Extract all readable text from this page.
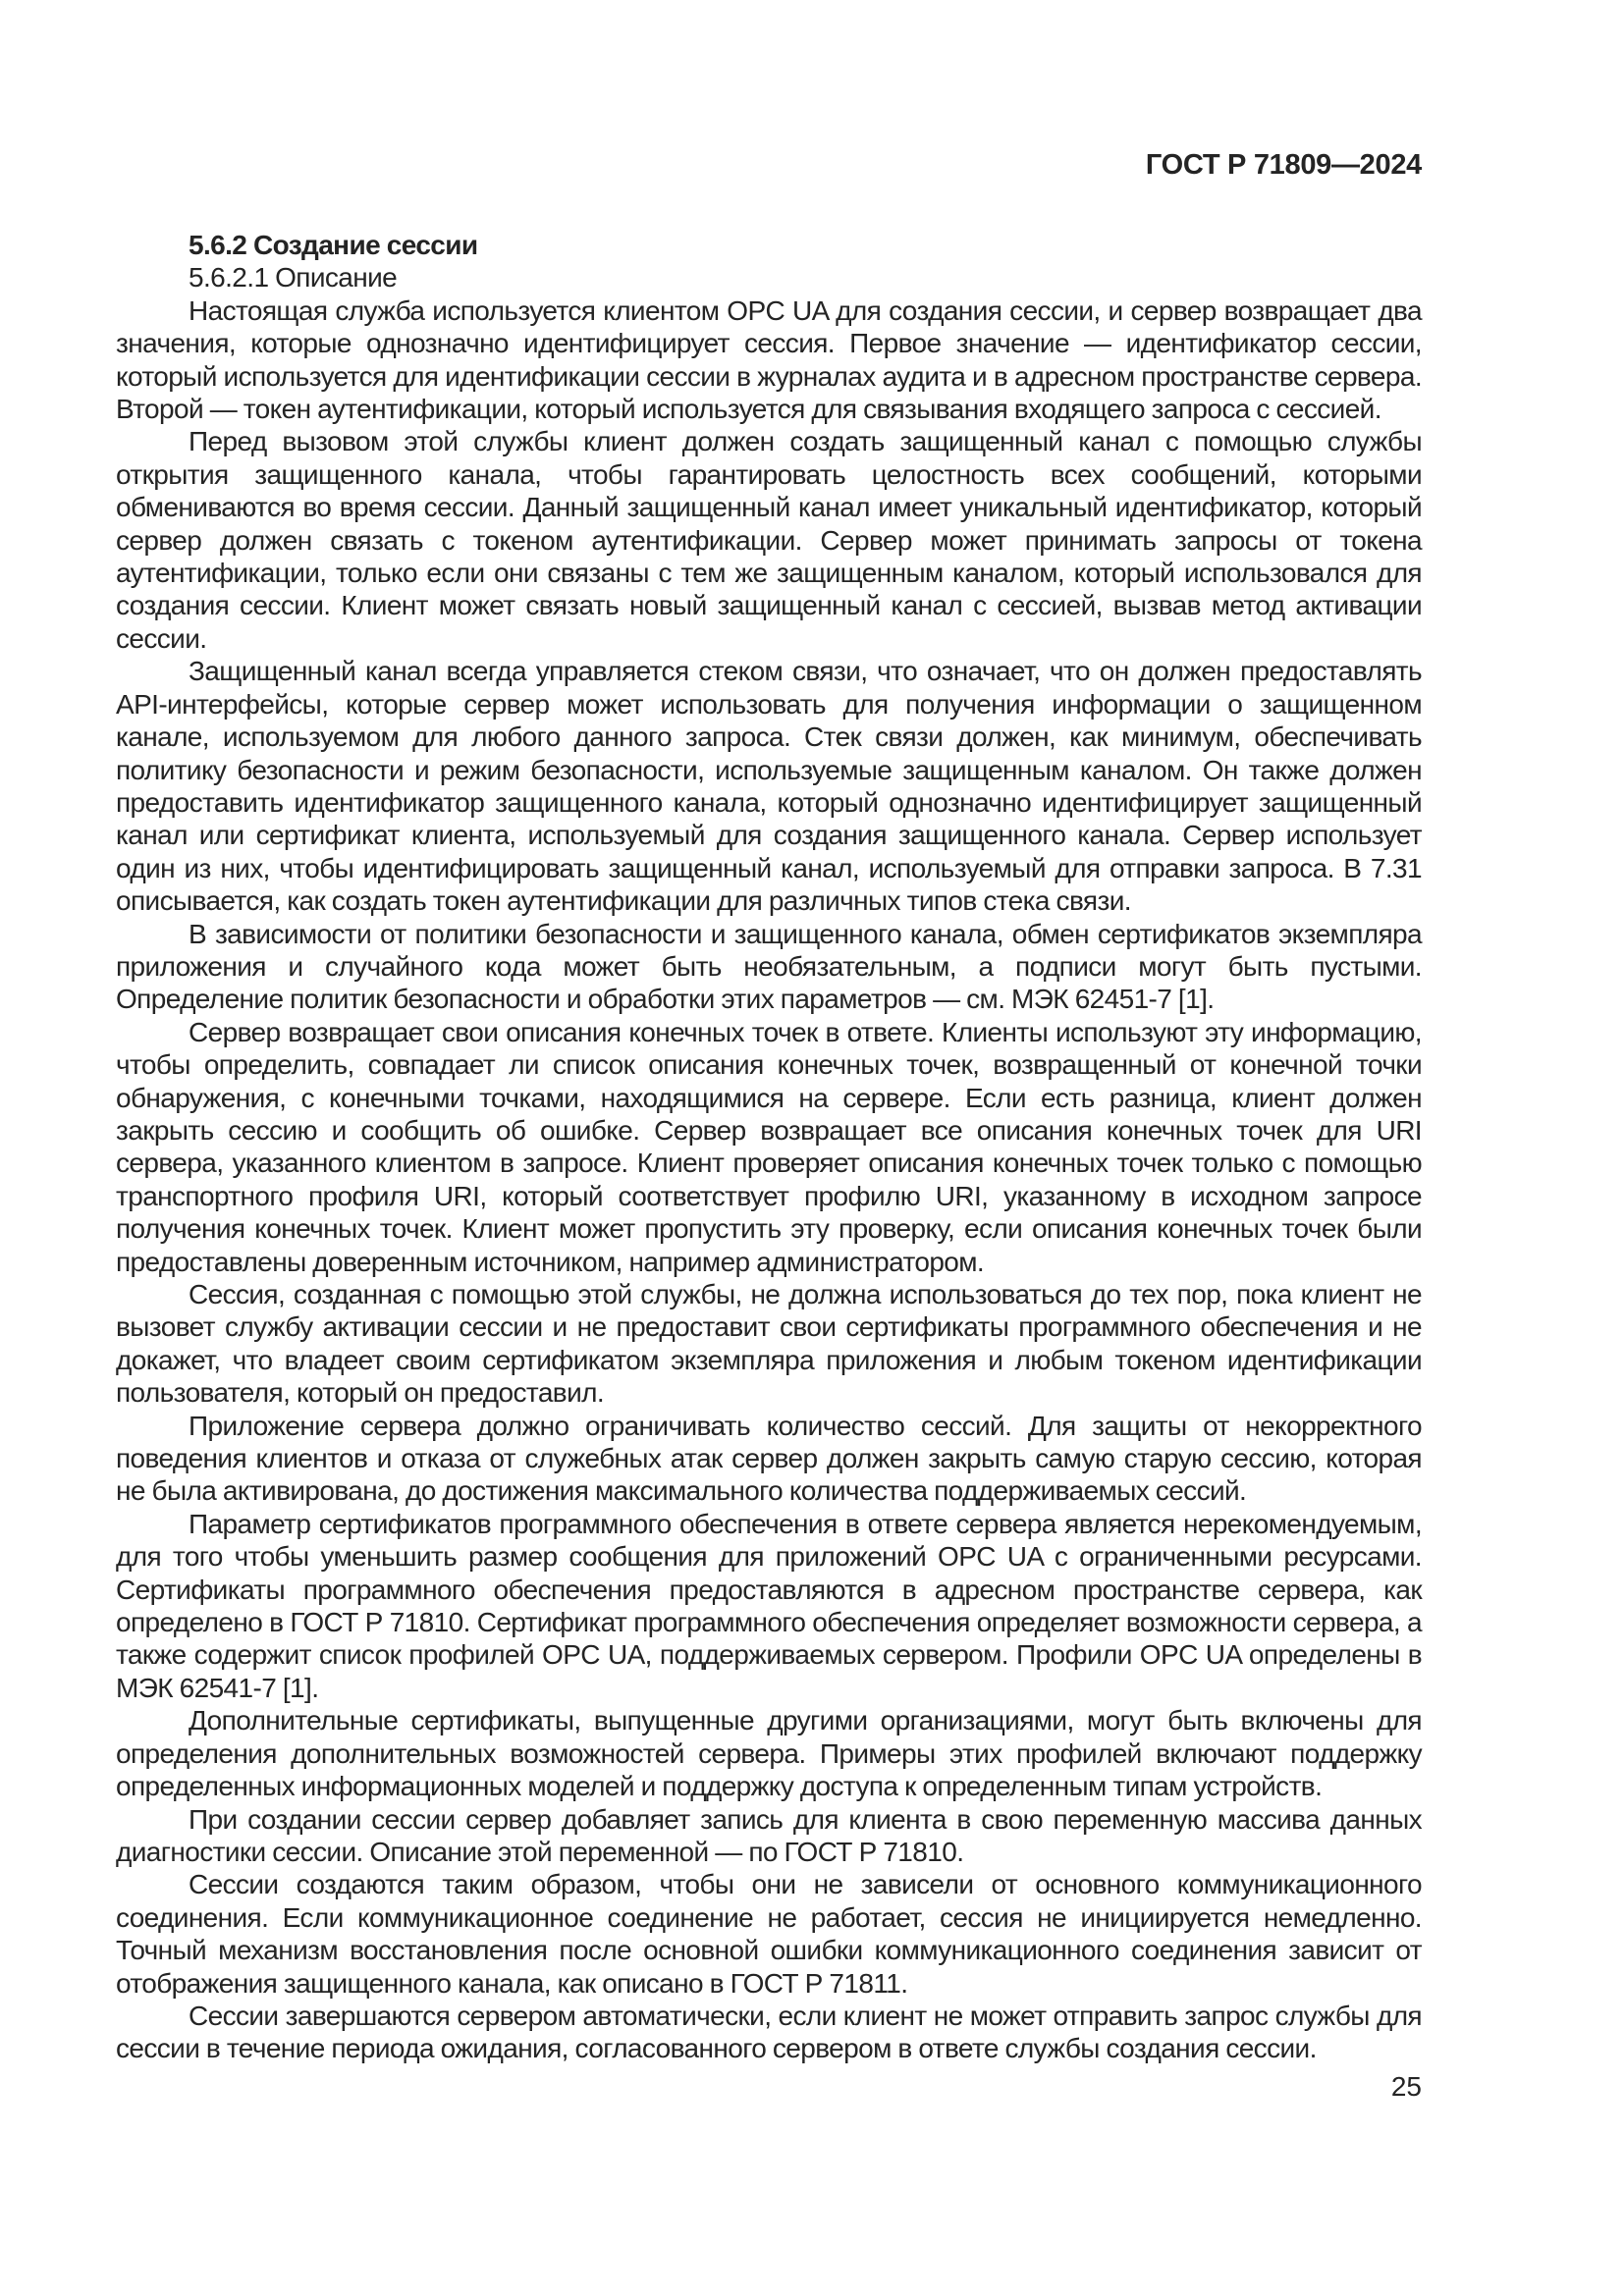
ГОСТ Р 71809—2024

5.6.2 Создание сессии

5.6.2.1 Описание

Настоящая служба используется клиентом OPC UA для создания сессии, и сервер возвращает два значения, которые однозначно идентифицирует сессия. Первое значение — идентификатор сессии, который используется для идентификации сессии в журналах аудита и в адресном пространстве сервера. Второй — токен аутентификации, который используется для связывания входящего запроса с сессией.

Перед вызовом этой службы клиент должен создать защищенный канал с помощью службы открытия защищенного канала, чтобы гарантировать целостность всех сообщений, которыми обмениваются во время сессии. Данный защищенный канал имеет уникальный идентификатор, который сервер должен связать с токеном аутентификации. Сервер может принимать запросы от токена аутентификации, только если они связаны с тем же защищенным каналом, который использовался для создания сессии. Клиент может связать новый защищенный канал с сессией, вызвав метод активации сессии.

Защищенный канал всегда управляется стеком связи, что означает, что он должен предоставлять API-интерфейсы, которые сервер может использовать для получения информации о защищенном канале, используемом для любого данного запроса. Стек связи должен, как минимум, обеспечивать политику безопасности и режим безопасности, используемые защищенным каналом. Он также должен предоставить идентификатор защищенного канала, который однозначно идентифицирует защищенный канал или сертификат клиента, используемый для создания защищенного канала. Сервер использует один из них, чтобы идентифицировать защищенный канал, используемый для отправки запроса. В 7.31 описывается, как создать токен аутентификации для различных типов стека связи.

В зависимости от политики безопасности и защищенного канала, обмен сертификатов экземпляра приложения и случайного кода может быть необязательным, а подписи могут быть пустыми. Определение политик безопасности и обработки этих параметров — см. МЭК 62451-7 [1].

Сервер возвращает свои описания конечных точек в ответе. Клиенты используют эту информацию, чтобы определить, совпадает ли список описания конечных точек, возвращенный от конечной точки обнаружения, с конечными точками, находящимися на сервере. Если есть разница, клиент должен закрыть сессию и сообщить об ошибке. Сервер возвращает все описания конечных точек для URI сервера, указанного клиентом в запросе. Клиент проверяет описания конечных точек только с помощью транспортного профиля URI, который соответствует профилю URI, указанному в исходном запросе получения конечных точек. Клиент может пропустить эту проверку, если описания конечных точек были предоставлены доверенным источником, например администратором.

Сессия, созданная с помощью этой службы, не должна использоваться до тех пор, пока клиент не вызовет службу активации сессии и не предоставит свои сертификаты программного обеспечения и не докажет, что владеет своим сертификатом экземпляра приложения и любым токеном идентификации пользователя, который он предоставил.

Приложение сервера должно ограничивать количество сессий. Для защиты от некорректного поведения клиентов и отказа от служебных атак сервер должен закрыть самую старую сессию, которая не была активирована, до достижения максимального количества поддерживаемых сессий.

Параметр сертификатов программного обеспечения в ответе сервера является нерекомендуемым, для того чтобы уменьшить размер сообщения для приложений OPC UA с ограниченными ресурсами. Сертификаты программного обеспечения предоставляются в адресном пространстве сервера, как определено в ГОСТ Р 71810. Сертификат программного обеспечения определяет возможности сервера, а также содержит список профилей OPC UA, поддерживаемых сервером. Профили OPC UA определены в МЭК 62541-7 [1].

Дополнительные сертификаты, выпущенные другими организациями, могут быть включены для определения дополнительных возможностей сервера. Примеры этих профилей включают поддержку определенных информационных моделей и поддержку доступа к определенным типам устройств.

При создании сессии сервер добавляет запись для клиента в свою переменную массива данных диагностики сессии. Описание этой переменной — по ГОСТ Р 71810.

Сессии создаются таким образом, чтобы они не зависели от основного коммуникационного соединения. Если коммуникационное соединение не работает, сессия не инициируется немедленно. Точный механизм восстановления после основной ошибки коммуникационного соединения зависит от отображения защищенного канала, как описано в ГОСТ Р 71811.

Сессии завершаются сервером автоматически, если клиент не может отправить запрос службы для сессии в течение периода ожидания, согласованного сервером в ответе службы создания сессии.

25
